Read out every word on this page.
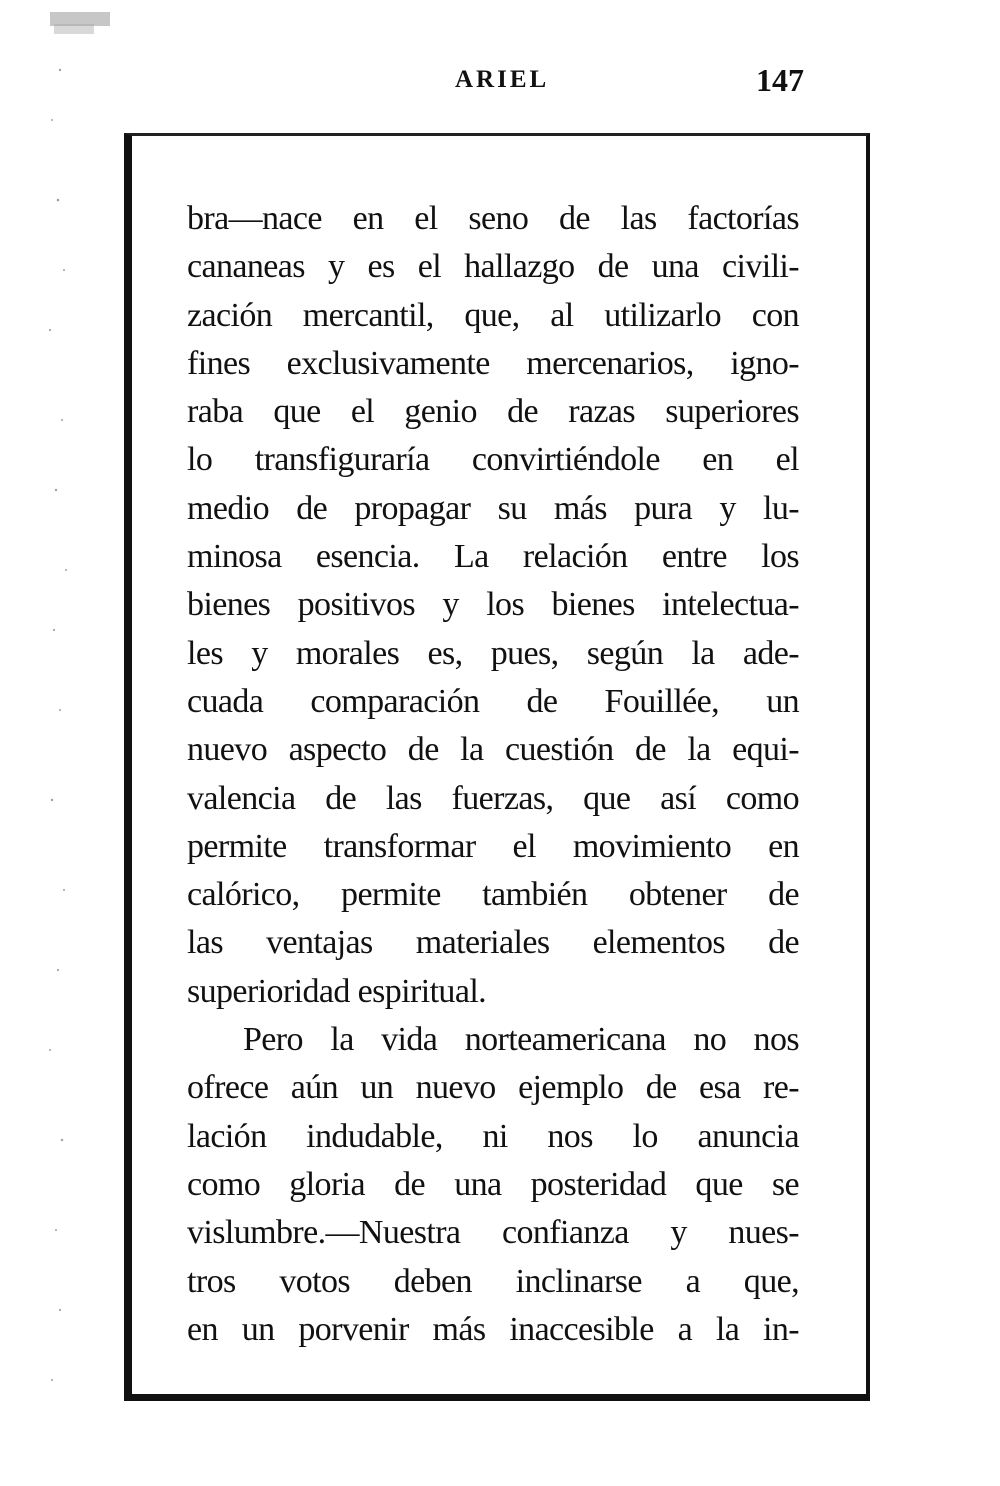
ARIEL	147
bra—nace en el seno de las factorías
cananeas y es el hallazgo de una civili-
zación mercantil, que, al utilizarlo con
fines exclusivamente mercenarios, igno-
raba que el genio de razas superiores
lo transfiguraría convirtiéndole en el
medio de propagar su más pura y lu-
minosa esencia. La relación entre los
bienes positivos y los bienes intelectua-
les y morales es, pues, según la ade-
cuada comparación de Fouillée, un
nuevo aspecto de la cuestión de la equi-
valencia de las fuerzas, que así como
permite transformar el movimiento en
calórico, permite también obtener de
las ventajas materiales elementos de
superioridad espiritual.
Pero la vida norteamericana no nos
ofrece aún un nuevo ejemplo de esa re-
lación indudable, ni nos lo anuncia
como gloria de una posteridad que se
vislumbre.—Nuestra confianza y nues-
tros votos deben inclinarse a que,
en un porvenir más inaccesible a la in-
